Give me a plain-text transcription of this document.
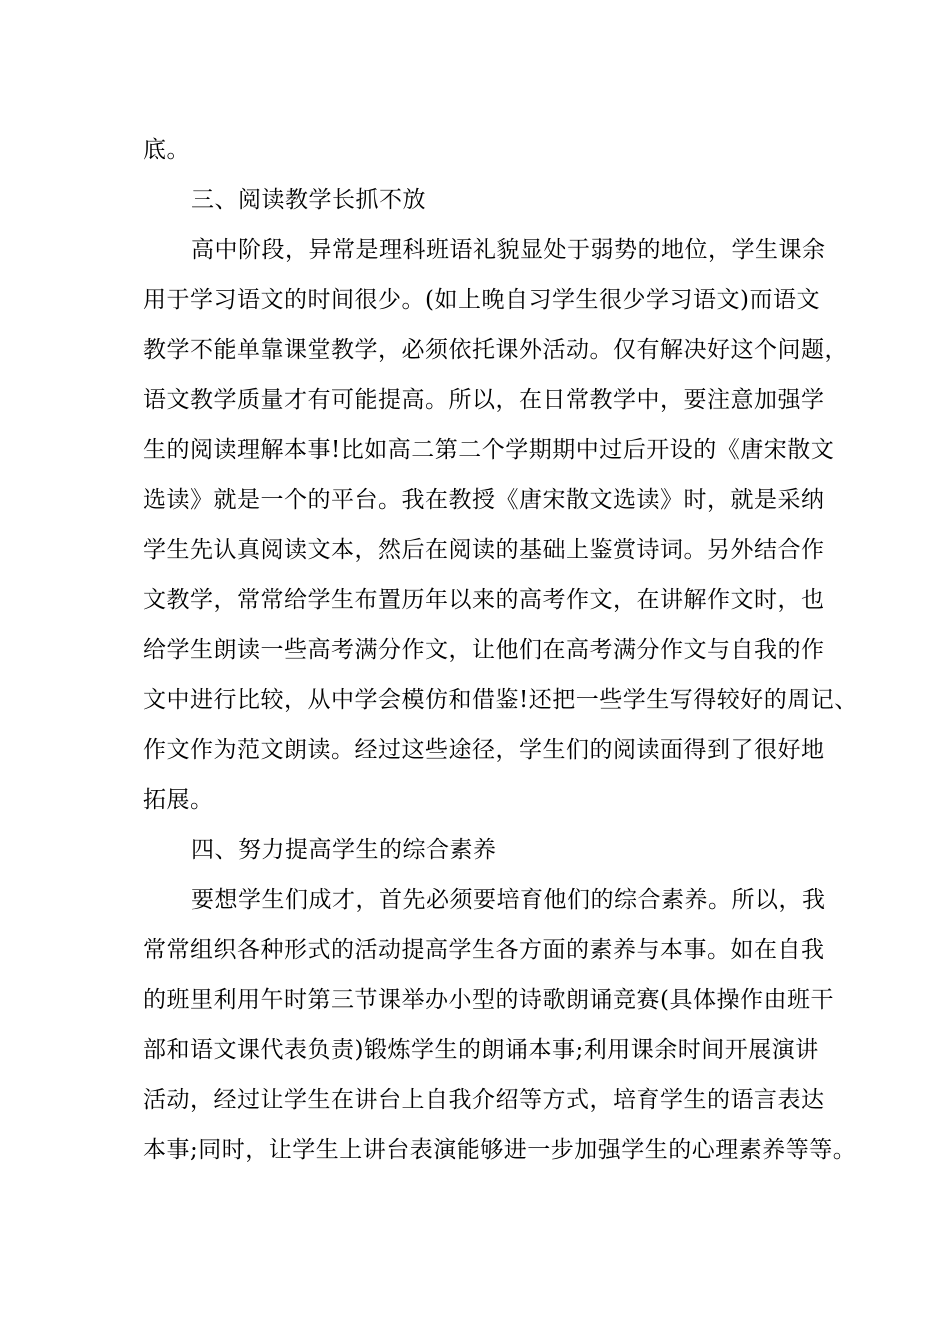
底。
三、阅读教学长抓不放
高中阶段，异常是理科班语礼貌显处于弱势的地位，学生课余
用于学习语文的时间很少。(如上晚自习学生很少学习语文)而语文
教学不能单靠课堂教学，必须依托课外活动。仅有解决好这个问题，
语文教学质量才有可能提高。所以，在日常教学中，要注意加强学
生的阅读理解本事!比如高二第二个学期期中过后开设的《唐宋散文
选读》就是一个的平台。我在教授《唐宋散文选读》时，就是采纳
学生先认真阅读文本，然后在阅读的基础上鉴赏诗词。另外结合作
文教学，常常给学生布置历年以来的高考作文，在讲解作文时，也
给学生朗读一些高考满分作文，让他们在高考满分作文与自我的作
文中进行比较，从中学会模仿和借鉴!还把一些学生写得较好的周记、
作文作为范文朗读。经过这些途径，学生们的阅读面得到了很好地
拓展。
四、努力提高学生的综合素养
要想学生们成才，首先必须要培育他们的综合素养。所以，我
常常组织各种形式的活动提高学生各方面的素养与本事。如在自我
的班里利用午时第三节课举办小型的诗歌朗诵竞赛(具体操作由班干
部和语文课代表负责)锻炼学生的朗诵本事;利用课余时间开展演讲
活动，经过让学生在讲台上自我介绍等方式，培育学生的语言表达
本事;同时，让学生上讲台表演能够进一步加强学生的心理素养等等。
